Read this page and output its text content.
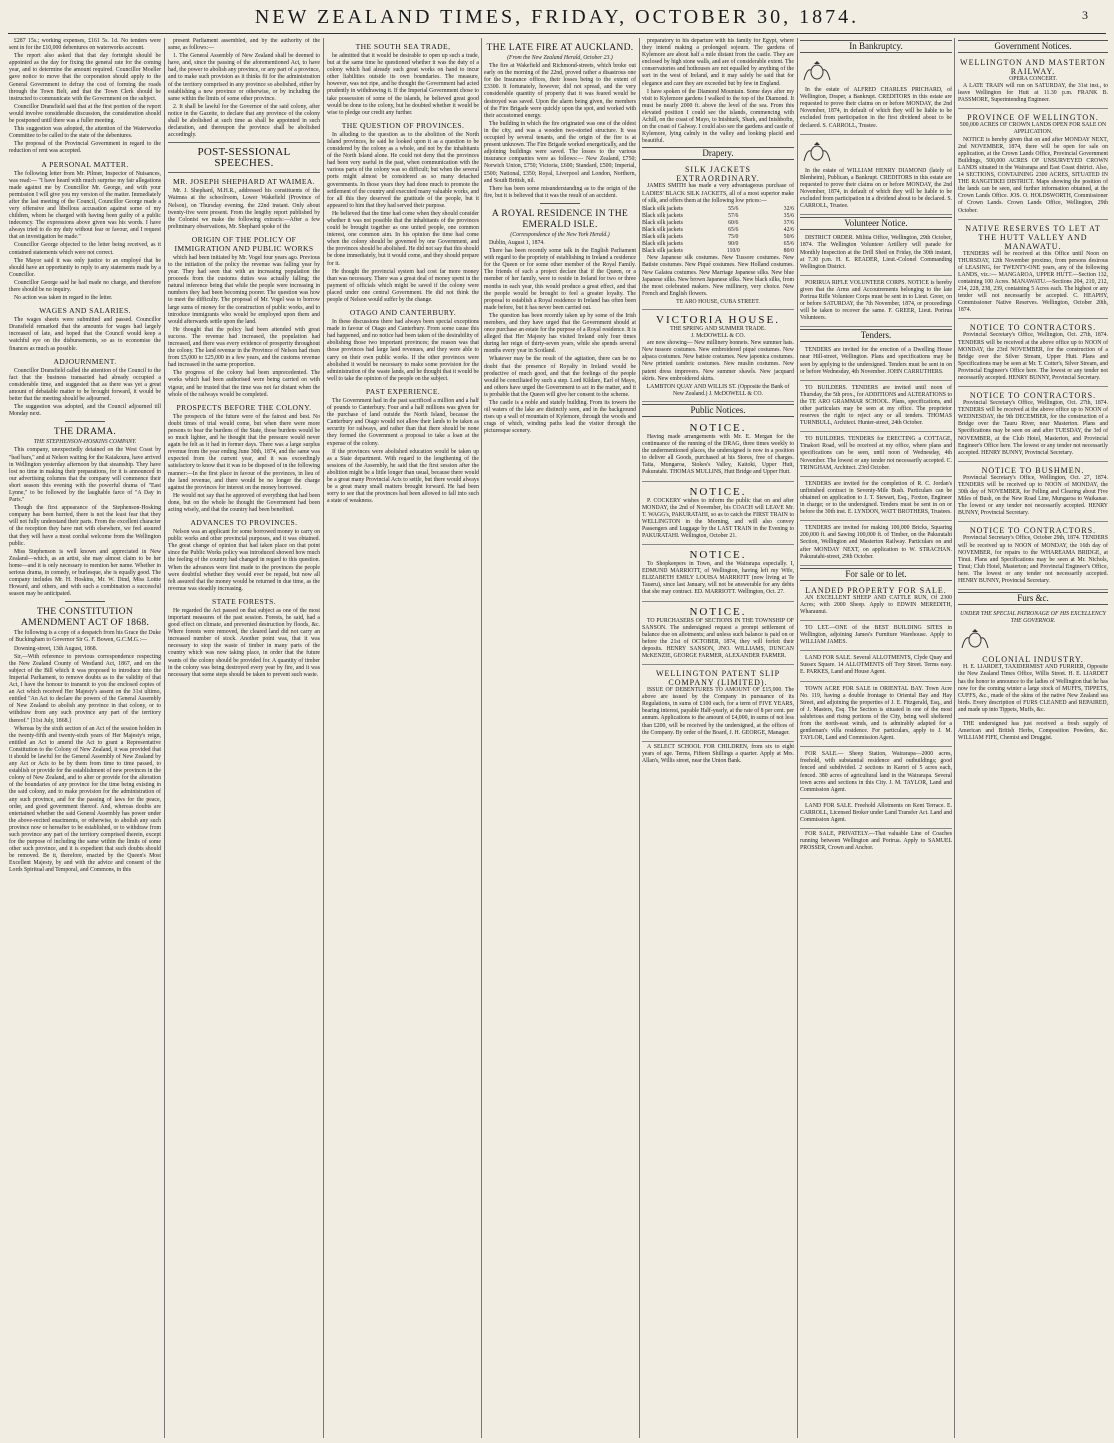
NEW ZEALAND TIMES, FRIDAY, OCTOBER 30, 1874.	3

£287 15s.; working expenses, £161 5s. 1d. No tenders were sent in for the £10,000 debentures on waterworks account.

The report also asked that that day fortnight should be appointed as the day for fixing the general rate for the coming year, and to determine the amount required. Councillor Moeller gave notice to move that the corporation should apply to the General Government to defray the cost of forming the roads through the Town Belt, and that the Town Clerk should be instructed to communicate with the Government on the subject.

Councillor Dransfield said that at the first portion of the report would involve considerable discussion, the consideration should be postponed until there was a fuller meeting.

This suggestion was adopted, the attention of the Waterworks Committee to be called to the state of the debentures.

The proposal of the Provincial Government in regard to the reduction of rent was accepted.

A PERSONAL MATTER.

The following letter from Mr. Pilmer, Inspector of Nuisances, was read:— "I have heard with much surprise my fair allegations made against me by Councillor Mr. George, and with your permission I will give you my version of the matter. Immediately after the last meeting of the Council, Councillor George made a very offensive and libellous accusation against some of my children, whom he charged with having been guilty of a public indecency. The expressions above given was his words. I have always tried to do my duty without fear or favour, and I request that an investigation be made."

Councillor George objected to the letter being received, as it contained statements which were not correct.

The Mayor said it was only justice to an employé that he should have an opportunity to reply to any statements made by a Councillor.

Councillor George said he had made no charge, and therefore there should be no inquiry.

No action was taken in regard to the letter.

WAGES AND SALARIES.

The wages sheets were submitted and passed. Councillor Dransfield remarked that the amounts for wages had largely increased of late, and hoped that the Council would keep a watchful eye on the disbursements, so as to economise the finances as much as possible.

ADJOURNMENT.

Councillor Dransfield called the attention of the Council to the fact that the business transacted had already occupied a considerable time, and suggested that as there was yet a great amount of debatable matter to be brought forward, it would be better that the meeting should be adjourned.

The suggestion was adopted, and the Council adjourned till Monday next.

THE DRAMA.
THE STEPHENSON-HOSKINS COMPANY.

This company, unexpectedly detained on the West Coast by "bad bars," and at Nelson waiting for the Kaiakoura, have arrived in Wellington yesterday afternoon by that steamship. They have lost no time in making their preparations, for it is announced in our advertising columns that the company will commence their short season this evening with the powerful drama of "East Lynne," to be followed by the laughable farce of "A Day in Paris."

Though the first appearance of the Stephenson-Hosking company has been hurried, there is not the least fear that they will not fully understand their parts. From the excellent character of the reception they have met with elsewhere, we feel assured that they will have a most cordial welcome from the Wellington public.

Miss Stephenson is well known and appreciated in New Zealand—which, as an artist, she may almost claim to be her home—and it is only necessary to mention her name. Whether in serious drama, in comedy, or burlesque, she is equally good. The company includes Mr. H. Hoskins, Mr. W. Dind, Miss Lottie Howard, and others, and with such a combination a successful season may be anticipated.

THE CONSTITUTION AMENDMENT ACT OF 1868.

The following is a copy of a despatch from his Grace the Duke of Buckingham to Governor Sir G. F. Bowen, G.C.M.G.:—

Downing-street, 13th August, 1868.

Sir,—With reference to previous correspondence respecting the New Zealand County of Westland Act, 1867, and on the subject of the Bill which it was proposed to introduce into the Imperial Parliament, to remove doubts as to the validity of that Act, I have the honour to transmit to you the enclosed copies of an Act which received Her Majesty's assent on the 31st ultimo, entitled "An Act to declare the powers of the General Assembly of New Zealand to abolish any province in that colony, or to withdraw from any such province any part of the territory thereof." [31st July, 1868.]

Whereas by the sixth section of an Act of the session holden in the twenty-fifth and twenty-sixth years of Her Majesty's reign, entitled an Act to amend the Act to grant a Representative Constitution to the Colony of New Zealand, it was provided that it should be lawful for the General Assembly of New Zealand by any Act or Acts to be by them from time to time passed, to establish or provide for the establishment of new provinces in the colony of New Zealand, and to alter or provide for the alteration of the boundaries of any province for the time being existing in the said colony, and to make provision for the administration of any such province, and for the passing of laws for the peace, order, and good government thereof. And, whereas doubts are entertained whether the said General Assembly has power under the above-recited enactments, or otherwise, to abolish any such province now or hereafter to be established, or to withdraw from such province any part of the territory comprised therein, except for the purpose of including the same within the limits of some other such province, and it is expedient that such doubts should be removed. Be it, therefore, enacted by the Queen's Most Excellent Majesty, by and with the advice and consent of the Lords Spiritual and Temporal, and Commons, in this

present Parliament assembled, and by the authority of the same, as follows:—

1. The General Assembly of New Zealand shall be deemed to have, and, since the passing of the aforementioned Act, to have had, the power to abolish any province, or any part of a province, and to make such provision as it thinks fit for the administration of the territory comprised in any province so abolished, either by establishing a new province or otherwise, or by including the same within the limits of some other province.

2. It shall be lawful for the Governor of the said colony, after notice in the Gazette, to declare that any province of the colony shall be abolished at such time as shall be appointed in such declaration, and thereupon the province shall be abolished accordingly.

POST-SESSIONAL SPEECHES.
MR. JOSEPH SHEPHARD AT WAIMEA.

Mr. J. Shephard, M.H.R., addressed his constituents of the Waimea at the schoolroom, Lower Wakefield (Province of Nelson), on Thursday evening, the 22nd instant. Only about twenty-five were present. From the lengthy report published by the Colonist we make the following extracts:—After a few preliminary observations, Mr. Shephard spoke of the

ORIGIN OF THE POLICY OF IMMIGRATION AND PUBLIC WORKS

which had been initiated by Mr. Vogel four years ago. Previous to the initiation of the policy the revenue was falling year by year. They had seen that with an increasing population the proceeds from the customs duties was actually falling; the natural inference being that while the people were increasing in numbers they had been becoming poorer. The question was how to meet the difficulty. The proposal of Mr. Vogel was to borrow large sums of money for the construction of public works, and to introduce immigrants who would be employed upon them and would afterwards settle upon the land.

He thought that the policy had been attended with great success. The revenue had increased, the population had increased, and there was every evidence of prosperity throughout the colony. The land revenue in the Province of Nelson had risen from £5,000 to £25,000 in a few years, and the customs revenue had increased in the same proportion.

The progress of the colony had been unprecedented. The works which had been authorised were being carried on with vigour, and he trusted that the time was not far distant when the whole of the railways would be completed.

PROSPECTS BEFORE THE COLONY.

The prospects of the future were of the fairest and best. No doubt times of trial would come, but when there were more persons to bear the burdens of the State, those burdens would be so much lighter, and he thought that the pressure would never again be felt as it had in former days. There was a large surplus revenue from the year ending June 30th, 1874, and the same was expected from the current year, and it was exceedingly satisfactory to know that it was to be disposed of in the following manner:—In the first place in favour of the provinces, in lieu of the land revenue, and there would be no longer the charge against the provinces for interest on the money borrowed.

He would not say that he approved of everything that had been done, but on the whole he thought the Government had been acting wisely, and that the country had been benefited.

ADVANCES TO PROVINCES.

Nelson was an applicant for some borrowed money to carry on public works and other provincial purposes, and it was obtained. The great change of opinion that had taken place on that point since the Public Works policy was introduced showed how much the feeling of the country had changed in regard to this question. When the advances were first made to the provinces the people were doubtful whether they would ever be repaid, but now all felt assured that the money would be returned in due time, as the revenue was steadily increasing.

STATE FORESTS.

He regarded the Act passed on that subject as one of the most important measures of the past session. Forests, he said, had a good effect on climate, and prevented destruction by floods, &c. Where forests were removed, the cleared land did not carry an increased number of stock. Another point was, that it was necessary to stop the waste of timber in many parts of the country which was now taking place, in order that the future wants of the colony should be provided for. A quantity of timber in the colony was being destroyed every year by fire, and it was necessary that some steps should be taken to prevent such waste.

THE SOUTH SEA TRADE,

he admitted that it would be desirable to open up such a trade, but at the same time he questioned whether it was the duty of a colony which had already such great works on hand to incur other liabilities outside its own boundaries. The measure, however, was not ripe, and he thought the Government had acted prudently in withdrawing it. If the Imperial Government chose to take possession of some of the islands, he believed great good would be done to the colony, but he doubted whether it would be wise to pledge our credit any further.

THE QUESTION OF PROVINCES.

In alluding to the question as to the abolition of the North Island provinces, he said he looked upon it as a question to be considered by the colony as a whole, and not by the inhabitants of the North Island alone. He could not deny that the provinces had been very useful in the past, when communication with the various parts of the colony was so difficult; but when the several ports might almost be considered as so many detached governments. In those years they had done much to promote the settlement of the country and executed many valuable works, and for all this they deserved the gratitude of the people, but it appeared to him that they had served their purpose.

He believed that the time had come when they should consider whether it was not possible that the inhabitants of the provinces could be brought together as one united people, one common interest, one common aim. In his opinion the time had come when the colony should be governed by one Government, and the provinces should be abolished. He did not say that this should be done immediately, but it would come, and they should prepare for it.

He thought the provincial system had cost far more money than was necessary. There was a great deal of money spent in the payment of officials which might be saved if the colony were placed under one central Government. He did not think the people of Nelson would suffer by the change.

OTAGO AND CANTERBURY.

In these discussions there had always been special exceptions made in favour of Otago and Canterbury. From some cause this had happened, and no notice had been taken of the desirability of abolishing those two important provinces; the reason was that those provinces had large land revenues, and they were able to carry on their own public works. If the other provinces were abolished it would be necessary to make some provision for the administration of the waste lands, and he thought that it would be well to take the opinion of the people on the subject.

PAST EXPERIENCE.

The Government had in the past sacrificed a million and a half of pounds to Canterbury. Four and a half millions was given for the purchase of land outside the North Island, because the Canterbury and Otago would not allow their lands to be taken as security for railways, and rather than that there should be none they formed the Government a proposal to take a loan at the expense of the colony.

If the provinces were abolished education would be taken up as a State department. With regard to the lengthening of the sessions of the Assembly, he said that the first session after the abolition might be a little longer than usual, because there would be a great many Provincial Acts to settle, but there would always be a great many small matters brought forward. He had been sorry to see that the provinces had been allowed to fall into such a state of weakness.

THE LATE FIRE AT AUCKLAND.
(From the New Zealand Herald, October 23.)

The fire at Wakefield and Richmond-streets, which broke out early on the morning of the 22nd, proved rather a disastrous one for the Insurance offices, their losses being to the extent of £3300. It fortunately, however, did not spread, and the very considerable quantity of property that it was feared would be destroyed was saved. Upon the alarm being given, the members of the Fire Brigade were quickly upon the spot, and worked with their accustomed energy.

The building in which the fire originated was one of the oldest in the city, and was a wooden two-storied structure. It was occupied by several tenants, and the origin of the fire is at present unknown. The Fire Brigade worked energetically, and the adjoining buildings were saved. The losses to the various insurance companies were as follows:— New Zealand, £750; Norwich Union, £750; Victoria, £600; Standard, £500; Imperial, £500; National, £350; Royal, Liverpool and London, Northern, and South British, nil.

There has been some misunderstanding as to the origin of the fire, but it is believed that it was the result of an accident.

A ROYAL RESIDENCE IN THE EMERALD ISLE.
(Correspondence of the New York Herald.)

Dublin, August 1, 1874.

There has been recently some talk in the English Parliament with regard to the propriety of establishing in Ireland a residence for the Queen or for some other member of the Royal Family. The friends of such a project declare that if the Queen, or a member of her family, were to reside in Ireland for two or three months in each year, this would produce a great effect, and that the people would be brought to feel a greater loyalty. The proposal to establish a Royal residence in Ireland has often been made before, but it has never been carried out.

The question has been recently taken up by some of the Irish members, and they have urged that the Government should at once purchase an estate for the purpose of a Royal residence. It is alleged that Her Majesty has visited Ireland only four times during her reign of thirty-seven years, while she spends several months every year in Scotland.

Whatever may be the result of the agitation, there can be no doubt that the presence of Royalty in Ireland would be productive of much good, and that the feelings of the people would be conciliated by such a step. Lord Kildare, Earl of Mayo, and others have urged the Government to act in the matter, and it is probable that the Queen will give her consent to the scheme.

The castle is a noble and stately building. From its towers the oil waters of the lake are distinctly seen, and in the background rises up a wall of mountain of Kylemore, through the woods and crags of which, winding paths lead the visitor through the picturesque scenery.

preparatory to his departure with his family for Egypt, where they intend making a prolonged sojourn. The gardens of Kylemore are about half a mile distant from the castle. They are enclosed by high stone walls, and are of considerable extent. The conservatories and hothouses are not equalled by anything of the sort in the west of Ireland, and it may safely be said that for elegance and care they are exceeded but by few in England.

I have spoken of the Diamond Mountain. Some days after my visit to Kylemore gardens I walked to the top of the Diamond. It must be nearly 2000 ft. above the level of the sea. From this elevated position I could see the islands, commencing with Achill, on the coast of Mayo, to Inishturk, Shark, and Inishbofin, on the coast of Galway. I could also see the gardens and castle of Kylemore, lying calmly in the valley and looking placid and beautiful.

Drapery.
SILK JACKETS EXTRAORDINARY.

JAMES SMITH has made a very advantageous purchase of LADIES' BLACK SILK JACKETS, all of a most superior make of silk, and offers them at the following low prices:—

Black silk jackets	55/6	32/6
Black silk jackets	57/6	35/6
Black silk jackets	60/6	37/6
Black silk jackets	65/6	42/6
Black silk jackets	75/0	50/6
Black silk jackets	90/0	65/6
Black silk jackets	110/0	80/0

New Japanese silk costumes. New Tussore costumes. New Batiste costumes. New Piqué costumes. New Holland costumes. New Galatea costumes. New Marriage Japanese silks. New blue Japanese silks. New brown Japanese silks. New black silks, from the most celebrated makers. New millinery, very choice. New French and English flowers.

TE ARO HOUSE, CUBA STREET.
VICTORIA HOUSE.
THE SPRING AND SUMMER TRADE.
J. McDOWELL & CO.

are now showing— New millinery bonnets. New summer hats. New tussore costumes. New embroidered piqué costumes. New alpaca costumes. New batiste costumes. New japonica costumes. New printed cambric costumes. New muslin costumes. New patent dress improvers. New summer shawls. New jacquard skirts. New embroidered skirts.

LAMBTON QUAY AND WILLIS ST. (Opposite the Bank of New Zealand.) J. McDOWELL & CO.
Public Notices.
NOTICE.

Having made arrangements with Mr. E. Mergan for the continuance of the running of the DRAG, three times weekly to the undermentioned places, the undersigned is now in a position to deliver all Goods, purchased at his Stores, free of charges. Taita, Mungaroa, Stokes's Valley, Kaitoki, Upper Hutt, Pakuratahi. THOMAS MULLINS, Hutt Bridge and Upper Hutt.

NOTICE.

P. COCKERY wishes to inform the public that on and after MONDAY, the 2nd of November, his COACH will LEAVE Mr. T. WAGG's, PAKURATAHI, so as to catch the FIRST TRAIN to WELLINGTON in the Morning, and will also convey Passengers and Luggage by the LAST TRAIN in the Evening to PAKURATAHI. Wellington, October 21.

NOTICE.

To Shopkeepers in Town, and the Wairarapa especially. I, EDMUND MARRIOTT, of Wellington, having left my Wife, ELIZABETH EMILY LOUISA MARRIOTT (now living at Te Taueru), since last January, will not be answerable for any debts that she may contract. ED. MARRIOTT. Wellington, Oct. 27.

NOTICE.

TO PURCHASERS OF SECTIONS IN THE TOWNSHIP OF SANSON. The undersigned request a prompt settlement of balance due on allotments; and unless such balance is paid on or before the 21st of OCTOBER, 1874, they will forfeit their deposits. HENRY SANSON, JNO. WILLIAMS, DUNCAN McKENZIE, GEORGE FARMER, ALEXANDER FARMER.

WELLINGTON PATENT SLIP COMPANY (LIMITED).

ISSUE OF DEBENTURES TO AMOUNT OF £15,000. The above are issued by the Company in pursuance of its Regulations, in sums of £100 each, for a term of FIVE YEARS, bearing interest, payable Half-yearly, at the rate of 8 per cent. per annum. Applications to the amount of £4,000, in sums of not less than £200, will be received by the undersigned, at the offices of the Company. By order of the Board, J. H. GEORGE, Manager.

A SELECT SCHOOL FOR CHILDREN, from six to eight years of age. Terms, Fifteen Shillings a quarter. Apply at Mrs. Allan's, Willis street, near the Union Bank.

In Bankruptcy.

In the estate of ALFRED CHARLES PRICHARD, of Wellington, Draper, a Bankrupt. CREDITORS in this estate are requested to prove their claims on or before MONDAY, the 2nd November, 1874, in default of which they will be liable to be excluded from participation in the first dividend about to be declared. S. CARROLL, Trustee.

In the estate of WILLIAM HENRY DIAMOND (lately of Blenheim), Publican, a Bankrupt. CREDITORS in this estate are requested to prove their claims on or before MONDAY, the 2nd November, 1874, in default of which they will be liable to be excluded from participation in a dividend about to be declared. S. CARROLL, Trustee.

Volunteer Notice.

DISTRICT ORDER. Militia Office, Wellington, 29th October, 1874. The Wellington Volunteer Artillery will parade for Monthly Inspection at the Drill Shed on Friday, the 30th instant, at 7.30 p.m. H. E. READER, Lieut.-Colonel Commanding Wellington District.

PORIRUA RIFLE VOLUNTEER CORPS. NOTICE is hereby given that the Arms and Accoutrements belonging to the late Porirua Rifle Volunteer Corps must be sent in to Lieut. Greer, on or before SATURDAY, the 7th November, 1874, or proceedings will be taken to recover the same. F. GREER, Lieut. Porirua Volunteers.

Tenders.

TENDERS are invited for the erection of a Dwelling House near Hill-street, Wellington. Plans and specifications may be seen by applying to the undersigned. Tenders must be sent in on or before Wednesday, 4th November. JOHN CARRUTHERS.

TO BUILDERS. TENDERS are invited until noon of Thursday, the 5th prox., for ADDITIONS and ALTERATIONS to the TE ARO GRAMMAR SCHOOL. Plans, specifications, and other particulars may be seen at my office. The proprietor reserves the right to reject any or all tenders. THOMAS TURNBULL, Architect. Hunter-street, 24th October.

TO BUILDERS. TENDERS for ERECTING a COTTAGE, Tinakori Road, will be received at my office, where plans and specifications can be seen, until noon of Wednesday, 4th November. The lowest or any tender not necessarily accepted. C. TRINGHAM, Architect. 23rd October.

TENDERS are invited for the completion of R. C. Jordan's unfinished contract in Seventy-Mile Bush. Particulars can be obtained on application to J. T. Stewart, Esq., Foxton, Engineer in charge; or to the undersigned. Tenders must be sent in on or before the 30th inst. E. LYNDON, WATT BROTHERS, Trustees.

TENDERS are invited for making 100,000 Bricks, Squaring 200,000 ft. and Sawing 100,000 ft. of Timber, on the Pakuratahi Section, Wellington and Masterton Railway. Particulars on and after MONDAY NEXT, on application to W. STRACHAN. Pakuratahi-street, 29th October.

For sale or to let.
LANDED PROPERTY FOR SALE.

AN EXCELLENT SHEEP AND CATTLE RUN, Of 2300 Acres; with 2000 Sheep. Apply to EDWIN MEREDITH, Wharaunui.

TO LET.—ONE of the BEST BUILDING SITES in Wellington, adjoining James's Furniture Warehouse. Apply to WILLIAM JAMES.

LAND FOR SALE. Several ALLOTMENTS, Clyde Quay and Sussex Square. 14 ALLOTMENTS off Tory Street. Terms easy. E. PARKES, Land and House Agent.

TOWN ACRE FOR SALE in ORIENTAL BAY. Town Acre No. 119, having a double frontage to Oriental Bay and Hay Street, and adjoining the properties of J. E. Fitzgerald, Esq., and of J. Masters, Esq. The Section is situated in one of the most salubrious and rising portions of the City, being well sheltered from the north-east winds, and is admirably adapted for a gentleman's villa residence. For particulars, apply to J. M. TAYLOR, Land and Commission Agent.

FOR SALE.— Sheep Station, Wairarapa—2000 acres, freehold, with substantial residence and outbuildings; good fenced and subdivided. 2 sections in Karori of 5 acres each, fenced. 380 acres of agricultural land in the Wairarapa. Several town acres and sections in this City. J. M. TAYLOR, Land and Commission Agent.

LAND FOR SALE. Freehold Allotments on Kent Terrace. E. CARROLL, Licensed Broker under Land Transfer Act. Land and Commission Agent.

FOR SALE, PRIVATELY.—That valuable Line of Coaches running between Wellington and Porirua. Apply to SAMUEL PROSSER, Crown and Anchor.

Government Notices.
WELLINGTON AND MASTERTON RAILWAY.
OPERA CONCERT.

A LATE TRAIN will run on SATURDAY, the 31st inst., to leave Wellington for Hutt at 11.30 p.m. FRANK B. PASSMORE, Superintending Engineer.

PROVINCE OF WELLINGTON.
500,000 ACRES OF CROWN LANDS OPEN FOR SALE ON APPLICATION.

NOTICE is hereby given that on and after MONDAY NEXT, 2nd NOVEMBER, 1874, there will be open for sale on application, at the Crown Lands Office, Provincial Government Buildings, 500,000 ACRES OF UNSURVEYED CROWN LANDS situated in the Wairarapa and East Coast district. Also, 14 SECTIONS, CONTAINING 2300 ACRES, SITUATED IN THE RANGITIKEI DISTRICT. Maps showing the position of the lands can be seen, and further information obtained, at the Crown Lands Office. JOS. O. HOLDSWORTH, Commissioner of Crown Lands. Crown Lands Office, Wellington, 29th October.

NATIVE RESERVES TO LET AT THE HUTT VALLEY AND MANAWATU.

TENDERS will be received at this Office until Noon on THURSDAY, 12th November proximo, from persons desirous of LEASING, for TWENTY-ONE years, any of the following LANDS, viz.:— MANGAROA, UPPER HUTT.—Section 132, containing 100 Acres. MANAWATU.—Sections 204, 210, 212, 214, 228, 238, 239, containing 5 Acres each. The highest or any tender will not necessarily be accepted. C. HEAPHY, Commissioner Native Reserves. Wellington, October 20th, 1874.

NOTICE TO CONTRACTORS.

Provincial Secretary's Office, Wellington, Oct. 27th, 1874. TENDERS will be received at the above office up to NOON of MONDAY, the 23rd NOVEMBER, for the construction of a Bridge over the Silver Stream, Upper Hutt. Plans and Specifications may be seen at Mr. T. Cotter's, Silver Stream, and Provincial Engineer's Office here. The lowest or any tender not necessarily accepted. HENRY BUNNY, Provincial Secretary.

NOTICE TO CONTRACTORS.

Provincial Secretary's Office, Wellington, Oct. 27th, 1874. TENDERS will be received at the above office up to NOON of WEDNESDAY, the 9th DECEMBER, for the construction of a Bridge over the Tauru River, near Masterton. Plans and Specifications may be seen on and after TUESDAY, the 3rd of NOVEMBER, at the Club Hotel, Masterton, and Provincial Engineer's Office here. The lowest or any tender not necessarily accepted. HENRY BUNNY, Provincial Secretary.

NOTICE TO BUSHMEN.

Provincial Secretary's Office, Wellington, Oct. 27, 1874. TENDERS will be received up to NOON of MONDAY, the 30th day of NOVEMBER, for Felling and Clearing about Five Miles of Bush, on the New Road Line, Mungaroa to Waikanae. The lowest or any tender not necessarily accepted. HENRY BUNNY, Provincial Secretary.

NOTICE TO CONTRACTORS.

Provincial Secretary's Office, October 29th, 1874. TENDERS will be received up to NOON of MONDAY, the 16th day of NOVEMBER, for repairs to the WHAREAMA BRIDGE, at Tinui. Plans and Specifications may be seen at Mr. Nichols, Tinui; Club Hotel, Masterton; and Provincial Engineer's Office, here. The lowest or any tender not necessarily accepted. HENRY BUNNY, Provincial Secretary.

Furs &c.
UNDER THE SPECIAL PATRONAGE OF HIS EXCELLENCY THE GOVERNOR.
COLONIAL INDUSTRY.

H. E. LIARDET, TAXIDERMIST AND FURRIER, Opposite the New Zealand Times Office, Willis Street. H. E. LIARDET has the honor to announce to the ladies of Wellington that he has now for the coming winter a large stock of MUFFS, TIPPETS, CUFFS, &c., made of the skins of the native New Zealand sea birds. Every description of FURS CLEANED and REPAIRED, and made up into Tippets, Muffs, &c.

THE undersigned has just received a fresh supply of American and British Herbs, Composition Powders, &c. WILLIAM FIFE, Chemist and Druggist.
